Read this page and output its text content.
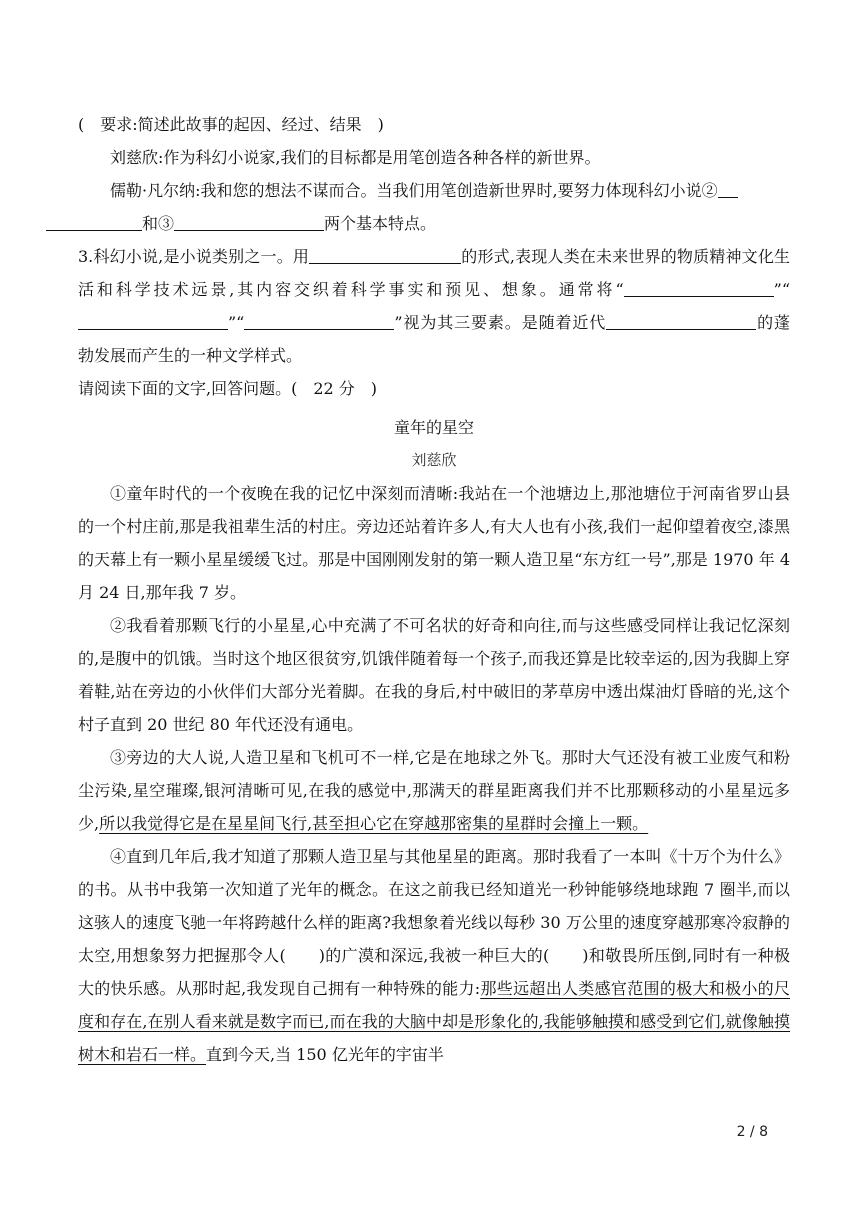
(　要求:简述此故事的起因、经过、结果　)

刘慈欣:作为科幻小说家,我们的目标都是用笔创造各种各样的新世界。

儒勒·凡尔纳:我和您的想法不谋而合。当我们用笔创造新世界时,要努力体现科幻小说②
和③	两个基本特点。

3.科幻小说,是小说类别之一。用	的形式,表现人类在未来世界的物质精神文化生活和科学技术远景,其内容交织着科学事实和预见、想象。通常将“	”“”“	”视为其三要素。是随着近代	的蓬勃发展而产生的一种文学样式。

请阅读下面的文字,回答问题。(　22 分　)

童年的星空

刘慈欣

①童年时代的一个夜晚在我的记忆中深刻而清晰:我站在一个池塘边上,那池塘位于河南省罗山县的一个村庄前,那是我祖辈生活的村庄。旁边还站着许多人,有大人也有小孩,我们一起仰望着夜空,漆黑的天幕上有一颗小星星缓缓飞过。那是中国刚刚发射的第一颗人造卫星“东方红一号”,那是 1970 年 4 月 24 日,那年我 7 岁。

②我看着那颗飞行的小星星,心中充满了不可名状的好奇和向往,而与这些感受同样让我记忆深刻的,是腹中的饥饿。当时这个地区很贫穷,饥饿伴随着每一个孩子,而我还算是比较幸运的,因为我脚上穿着鞋,站在旁边的小伙伴们大部分光着脚。在我的身后,村中破旧的茅草房中透出煤油灯昏暗的光,这个村子直到 20 世纪 80 年代还没有通电。

③旁边的大人说,人造卫星和飞机可不一样,它是在地球之外飞。那时大气还没有被工业废气和粉尘污染,星空璀璨,银河清晰可见,在我的感觉中,那满天的群星距离我们并不比那颗移动的小星星远多少,所以我觉得它是在星星间飞行,甚至担心它在穿越那密集的星群时会撞上一颗。

④直到几年后,我才知道了那颗人造卫星与其他星星的距离。那时我看了一本叫《十万个为什么》的书。从书中我第一次知道了光年的概念。在这之前我已经知道光一秒钟能够绕地球跑 7 圈半,而以这骇人的速度飞驰一年将跨越什么样的距离?我想象着光线以每秒 30 万公里的速度穿越那寒冷寂静的太空,用想象努力把握那令人(　　)的广漠和深远,我被一种巨大的(　　)和敬畏所压倒,同时有一种极大的快乐感。从那时起,我发现自己拥有一种特殊的能力:那些远超出人类感官范围的极大和极小的尺度和存在,在别人看来就是数字而已,而在我的大脑中却是形象化的,我能够触摸和感受到它们,就像触摸树木和岩石一样。直到今天,当 150 亿光年的宇宙半

2 / 8
